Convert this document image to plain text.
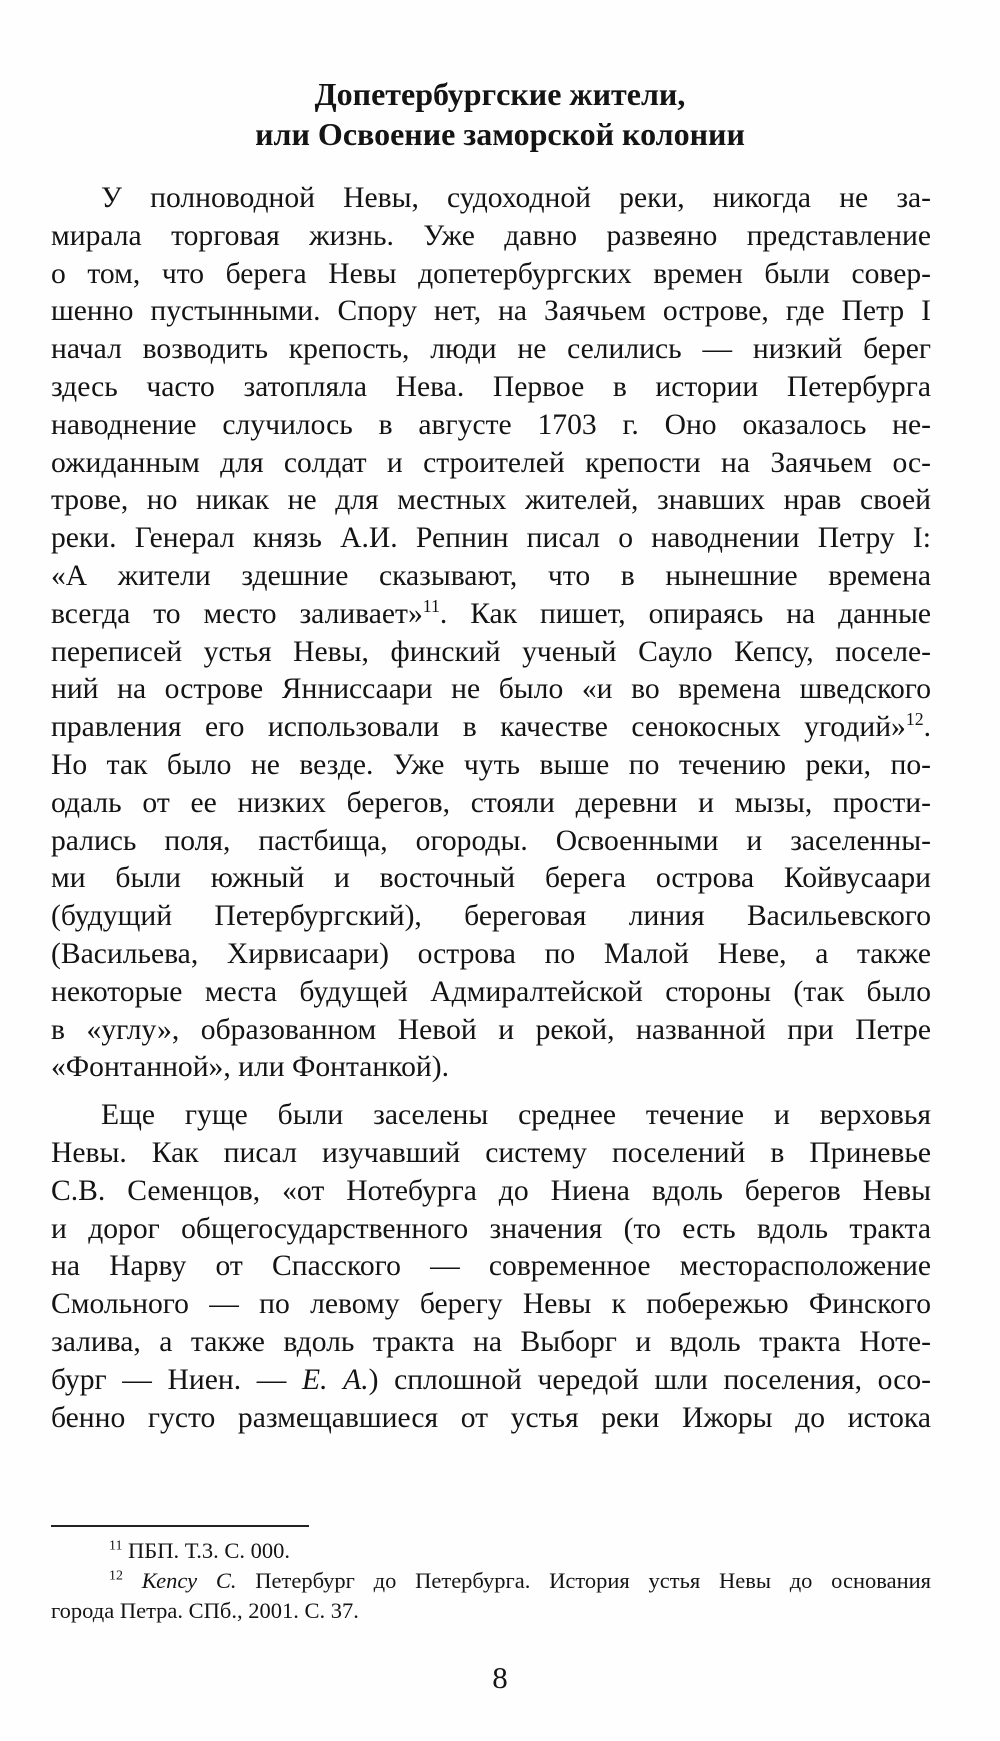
Допетербургские жители,
или Освоение заморской колонии
У полноводной Невы, судоходной реки, никогда не за-
мирала торговая жизнь. Уже давно развеяно представление
о том, что берега Невы допетербургских времен были совер-
шенно пустынными. Спору нет, на Заячьем острове, где Петр I
начал возводить крепость, люди не селились — низкий берег
здесь часто затопляла Нева. Первое в истории Петербурга
наводнение случилось в августе 1703 г. Оно оказалось не-
ожиданным для солдат и строителей крепости на Заячьем ос-
трове, но никак не для местных жителей, знавших нрав своей
реки. Генерал князь А.И. Репнин писал о наводнении Петру I:
«А жители здешние сказывают, что в нынешние времена
всегда то место заливает»$^{11}$. Как пишет, опираясь на данные
переписей устья Невы, финский ученый Сауло Кепсу, поселе-
ний на острове Янниссаари не было «и во времена шведского
правления его использовали в качестве сенокосных угодий»$^{12}$.
Но так было не везде. Уже чуть выше по течению реки, по-
одаль от ее низких берегов, стояли деревни и мызы, прости-
рались поля, пастбища, огороды. Освоенными и заселенны-
ми были южный и восточный берега острова Койвусаари
(будущий Петербургский), береговая линия Васильевского
(Васильева, Хирвисаари) острова по Малой Неве, а также
некоторые места будущей Адмиралтейской стороны (так было
в «углу», образованном Невой и рекой, названной при Петре
«Фонтанной», или Фонтанкой).
Еще гуще были заселены среднее течение и верховья
Невы. Как писал изучавший систему поселений в Приневье
С.В. Семенцов, «от Нотебурга до Ниена вдоль берегов Невы
и дорог общегосударственного значения (то есть вдоль тракта
на Нарву от Спасского — современное месторасположение
Смольного — по левому берегу Невы к побережью Финского
залива, а также вдоль тракта на Выборг и вдоль тракта Ноте-
бург — Ниен. — Е. А.) сплошной чередой шли поселения, осо-
бенно густо размещавшиеся от устья реки Ижоры до истока
$^{11}$ ПБП. Т.3. С. 000.
$^{12}$ Кепсу С. Петербург до Петербурга. История устья Невы до основания
города Петра. СПб., 2001. С. 37.
8
